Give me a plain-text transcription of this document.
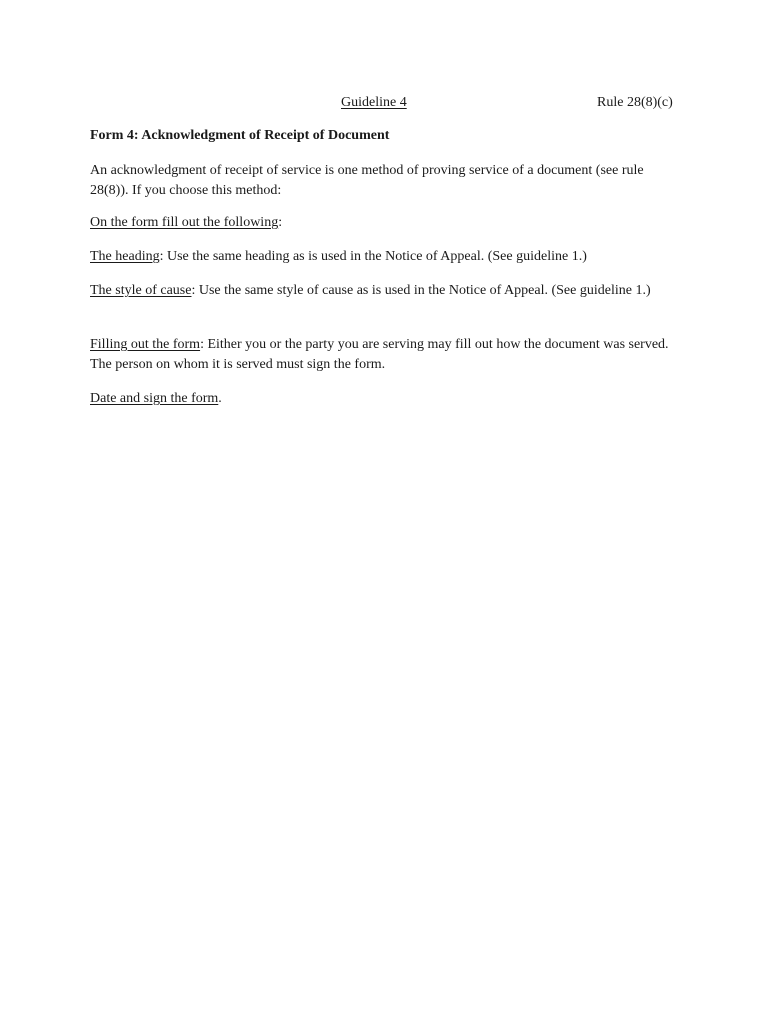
Guideline 4	Rule 28(8)(c)
Form 4: Acknowledgment of Receipt of Document

An acknowledgment of receipt of service is one method of proving service of a document (see rule 28(8)). If you choose this method:

On the form fill out the following:

The heading: Use the same heading as is used in the Notice of Appeal. (See guideline 1.)

The style of cause: Use the same style of cause as is used in the Notice of Appeal. (See guideline 1.)

Filling out the form: Either you or the party you are serving may fill out how the document was served. The person on whom it is served must sign the form.

Date and sign the form.
